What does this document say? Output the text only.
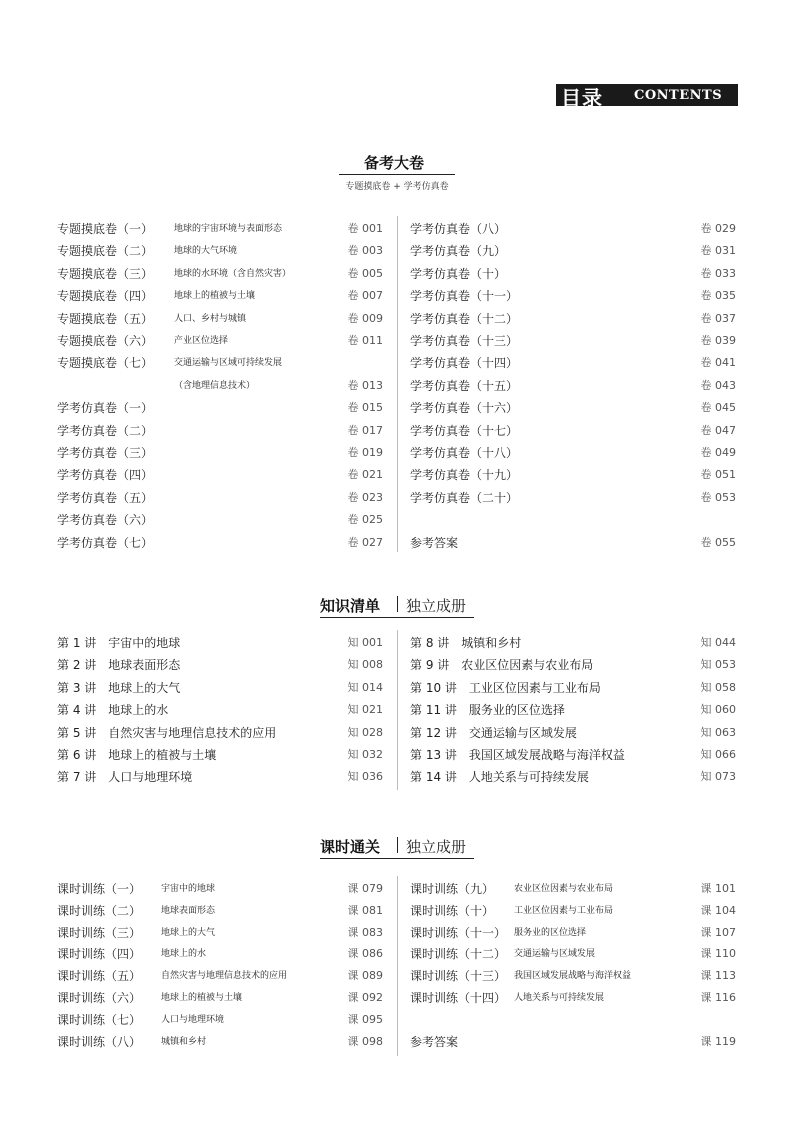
目录 CONTENTS
备考大卷
专题摸底卷 + 学考仿真卷
专题摸底卷（一） 地球的宇宙环境与表面形态	卷 001
专题摸底卷（二） 地球的大气环境	卷 003
专题摸底卷（三） 地球的水环境（含自然灾害）	卷 005
专题摸底卷（四） 地球上的植被与土壤	卷 007
专题摸底卷（五） 人口、乡村与城镇	卷 009
专题摸底卷（六） 产业区位选择	卷 011
专题摸底卷（七） 交通运输与区域可持续发展
（含地理信息技术）	卷 013
学考仿真卷（一）	卷 015
学考仿真卷（二）	卷 017
学考仿真卷（三）	卷 019
学考仿真卷（四）	卷 021
学考仿真卷（五）	卷 023
学考仿真卷（六）	卷 025
学考仿真卷（七）	卷 027
学考仿真卷（八）	卷 029
学考仿真卷（九）	卷 031
学考仿真卷（十）	卷 033
学考仿真卷（十一）	卷 035
学考仿真卷（十二）	卷 037
学考仿真卷（十三）	卷 039
学考仿真卷（十四）	卷 041
学考仿真卷（十五）	卷 043
学考仿真卷（十六）	卷 045
学考仿真卷（十七）	卷 047
学考仿真卷（十八）	卷 049
学考仿真卷（十九）	卷 051
学考仿真卷（二十）	卷 053
参考答案	卷 055
知识清单 独立成册
第 1 讲　宇宙中的地球	知 001
第 2 讲　地球表面形态	知 008
第 3 讲　地球上的大气	知 014
第 4 讲　地球上的水	知 021
第 5 讲　自然灾害与地理信息技术的应用	知 028
第 6 讲　地球上的植被与土壤	知 032
第 7 讲　人口与地理环境	知 036
第 8 讲　城镇和乡村	知 044
第 9 讲　农业区位因素与农业布局	知 053
第 10 讲　工业区位因素与工业布局	知 058
第 11 讲　服务业的区位选择	知 060
第 12 讲　交通运输与区域发展	知 063
第 13 讲　我国区域发展战略与海洋权益	知 066
第 14 讲　人地关系与可持续发展	知 073
课时通关 独立成册
课时训练（一） 宇宙中的地球	课 079
课时训练（二） 地球表面形态	课 081
课时训练（三） 地球上的大气	课 083
课时训练（四） 地球上的水	课 086
课时训练（五） 自然灾害与地理信息技术的应用	课 089
课时训练（六） 地球上的植被与土壤	课 092
课时训练（七） 人口与地理环境	课 095
课时训练（八） 城镇和乡村	课 098
课时训练（九） 农业区位因素与农业布局	课 101
课时训练（十） 工业区位因素与工业布局	课 104
课时训练（十一） 服务业的区位选择	课 107
课时训练（十二） 交通运输与区域发展	课 110
课时训练（十三） 我国区域发展战略与海洋权益	课 113
课时训练（十四） 人地关系与可持续发展	课 116
参考答案	课 119
